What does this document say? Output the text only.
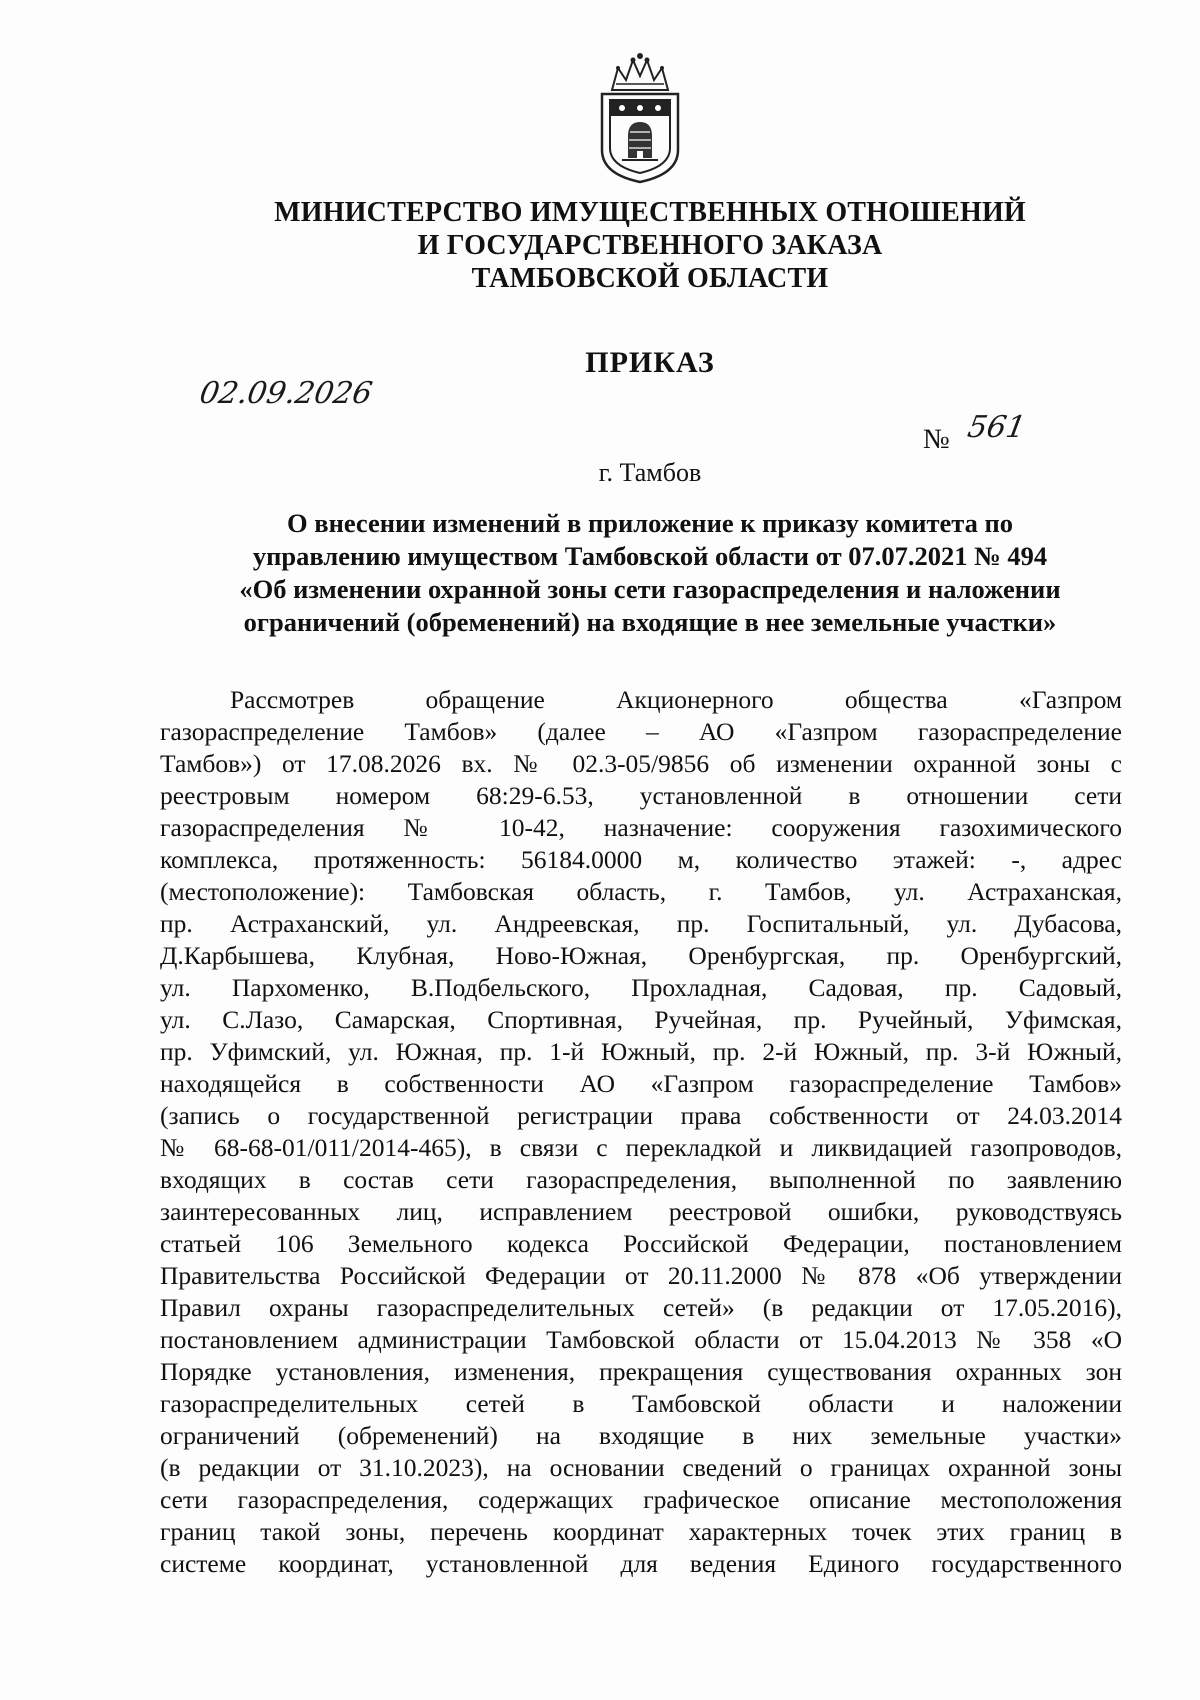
МИНИСТЕРСТВО ИМУЩЕСТВЕННЫХ ОТНОШЕНИЙ
И ГОСУДАРСТВЕННОГО ЗАКАЗА
ТАМБОВСКОЙ ОБЛАСТИ
ПРИКАЗ
02.09.2026
№ 561
г. Тамбов
О внесении изменений в приложение к приказу комитета по
управлению имуществом Тамбовской области от 07.07.2021 № 494
«Об изменении охранной зоны сети газораспределения и наложении
ограничений (обременений) на входящие в нее земельные участки»
Рассмотрев обращение Акционерного общества «Газпром
газораспределение Тамбов» (далее – АО «Газпром газораспределение
Тамбов») от 17.08.2026 вх. № 02.3-05/9856 об изменении охранной зоны с
реестровым номером 68:29-6.53, установленной в отношении сети
газораспределения № 10-42, назначение: сооружения газохимического
комплекса, протяженность: 56184.0000 м, количество этажей: -, адрес
(местоположение): Тамбовская область, г. Тамбов, ул. Астраханская,
пр. Астраханский, ул. Андреевская, пр. Госпитальный, ул. Дубасова,
Д.Карбышева, Клубная, Ново-Южная, Оренбургская, пр. Оренбургский,
ул. Пархоменко, В.Подбельского, Прохладная, Садовая, пр. Садовый,
ул. С.Лазо, Самарская, Спортивная, Ручейная, пр. Ручейный, Уфимская,
пр. Уфимский, ул. Южная, пр. 1-й Южный, пр. 2-й Южный, пр. 3-й Южный,
находящейся в собственности АО «Газпром газораспределение Тамбов»
(запись о государственной регистрации права собственности от 24.03.2014
№ 68-68-01/011/2014-465), в связи с перекладкой и ликвидацией газопроводов,
входящих в состав сети газораспределения, выполненной по заявлению
заинтересованных лиц, исправлением реестровой ошибки, руководствуясь
статьей 106 Земельного кодекса Российской Федерации, постановлением
Правительства Российской Федерации от 20.11.2000 № 878 «Об утверждении
Правил охраны газораспределительных сетей» (в редакции от 17.05.2016),
постановлением администрации Тамбовской области от 15.04.2013 № 358 «О
Порядке установления, изменения, прекращения существования охранных зон
газораспределительных сетей в Тамбовской области и наложении
ограничений (обременений) на входящие в них земельные участки»
(в редакции от 31.10.2023), на основании сведений о границах охранной зоны
сети газораспределения, содержащих графическое описание местоположения
границ такой зоны, перечень координат характерных точек этих границ в
системе координат, установленной для ведения Единого государственного
